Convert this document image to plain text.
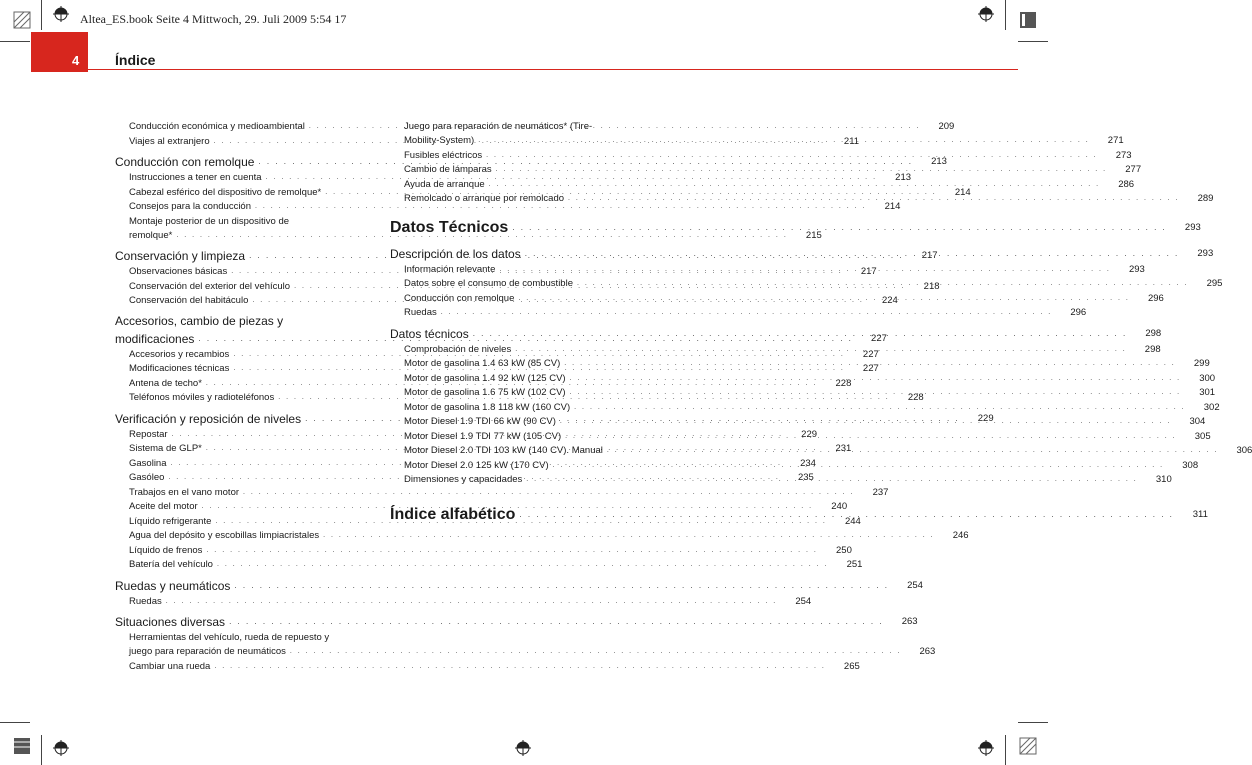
Altea_ES.book Seite 4 Mittwoch, 29. Juli 2009 5:54 17
4	Índice
Conducción económica y medioambiental . . .	209
Viajes al extranjero . . .	211
Conducción con remolque . . .	213
Instrucciones a tener en cuenta . . .	213
Cabezal esférico del dispositivo de remolque* . . .	214
Consejos para la conducción . . .	214
Montaje posterior de un dispositivo de
remolque* . . .	215
Conservación y limpieza . . .	217
Observaciones básicas . . .	217
Conservación del exterior del vehículo . . .	218
Conservación del habitáculo . . .	224
Accesorios, cambio de piezas y
modificaciones . . .	227
Accesorios y recambios . . .	227
Modificaciones técnicas . . .	227
Antena de techo* . . .	228
Teléfonos móviles y radioteléfonos . . .	228
Verificación y reposición de niveles . . .	229
Repostar . . .	229
Sistema de GLP* . . .	231
Gasolina . . .	234
Gasóleo . . .	235
Trabajos en el vano motor . . .	237
Aceite del motor . . .	240
Líquido refrigerante . . .	244
Agua del depósito y escobillas limpiacristales . . .	246
Líquido de frenos . . .	250
Batería del vehículo . . .	251
Ruedas y neumáticos . . .	254
Ruedas . . .	254
Situaciones diversas . . .	263
Herramientas del vehículo, rueda de repuesto y
juego para reparación de neumáticos . . .	263
Cambiar una rueda . . .	265
Juego para reparación de neumáticos* (Tire-
Mobility-System) . . .	271
Fusibles eléctricos . . .	273
Cambio de lámparas . . .	277
Ayuda de arranque . . .	286
Remolcado o arranque por remolcado . . .	289
Datos Técnicos . . .	293
Descripción de los datos . . .	293
Información relevante . . .	293
Datos sobre el consumo de combustible . . .	295
Conducción con remolque . . .	296
Ruedas . . .	296
Datos técnicos . . .	298
Comprobación de niveles . . .	298
Motor de gasolina 1.4 63 kW (85 CV) . . .	299
Motor de gasolina 1.4 92 kW (125 CV) . . .	300
Motor de gasolina 1.6 75 kW (102 CV) . . .	301
Motor de gasolina 1.8 118 kW (160 CV) . . .	302
Motor Diesel 1.9 TDI 66 kW (90 CV) . . .	304
Motor Diesel 1.9 TDI 77 kW (105 CV) . . .	305
Motor Diesel 2.0 TDI 103 kW (140 CV). Manual . . .	306
Motor Diesel 2.0 125 kW (170 CV) . . .	308
Dimensiones y capacidades . . .	310
Índice alfabético . . .	311
